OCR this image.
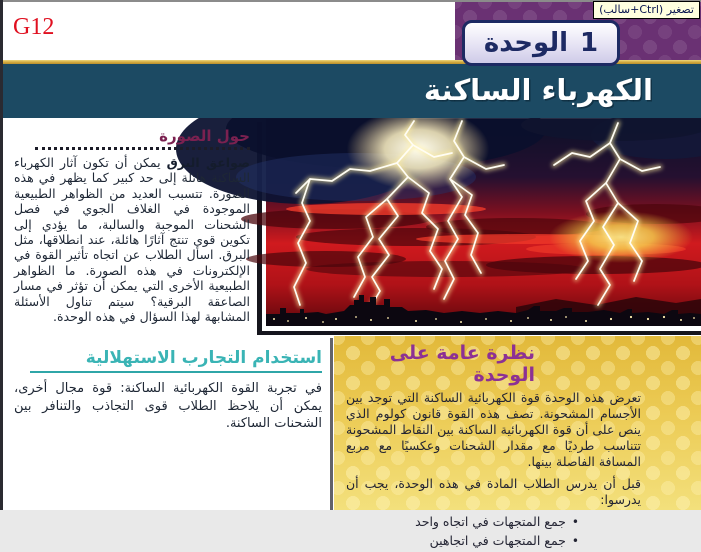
G12
الوحدة 1
تصغير (Ctrl+سالب)
الكهرباء الساكنة
حول الصورة

صواعق البرق يمكن أن تكون آثار الكهرباء الساكنة هائلة إلى حد كبير كما يظهر في هذه الصورة. تتسبب العديد من الظواهر الطبيعية الموجودة في الغلاف الجوي في فصل الشحنات الموجبة والسالبة، ما يؤدي إلى تكوين قوى تنتج آثارًا هائلة، عند انطلاقها، مثل البرق. اسأل الطلاب عن اتجاه تأثير القوة في الإلكترونات في هذه الصورة. ما الظواهر الطبيعية الأخرى التي يمكن أن تؤثر في مسار الصاعقة البرقية؟ سيتم تناول الأسئلة المشابهة لهذا السؤال في هذه الوحدة.

استخدام التجارب الاستهلالية

في تجربة القوة الكهربائية الساكنة: قوة مجال أخرى، يمكن أن يلاحظ الطلاب قوى التجاذب والتنافر بين الشحنات الساكنة.

نظرة عامة على الوحدة

تعرض هذه الوحدة قوة الكهربائية الساكنة التي توجد بين الأجسام المشحونة. تصف هذه القوة قانون كولوم الذي ينص على أن قوة الكهربائية الساكنة بين النقاط المشحونة تتناسب طرديًا مع مقدار الشحنات وعكسيًا مع مربع المسافة الفاصلة بينها.

قبل أن يدرس الطلاب المادة في هذه الوحدة، يجب أن يدرسوا:

•
جمع المتجهات في اتجاه واحد
•
جمع المتجهات في اتجاهين
